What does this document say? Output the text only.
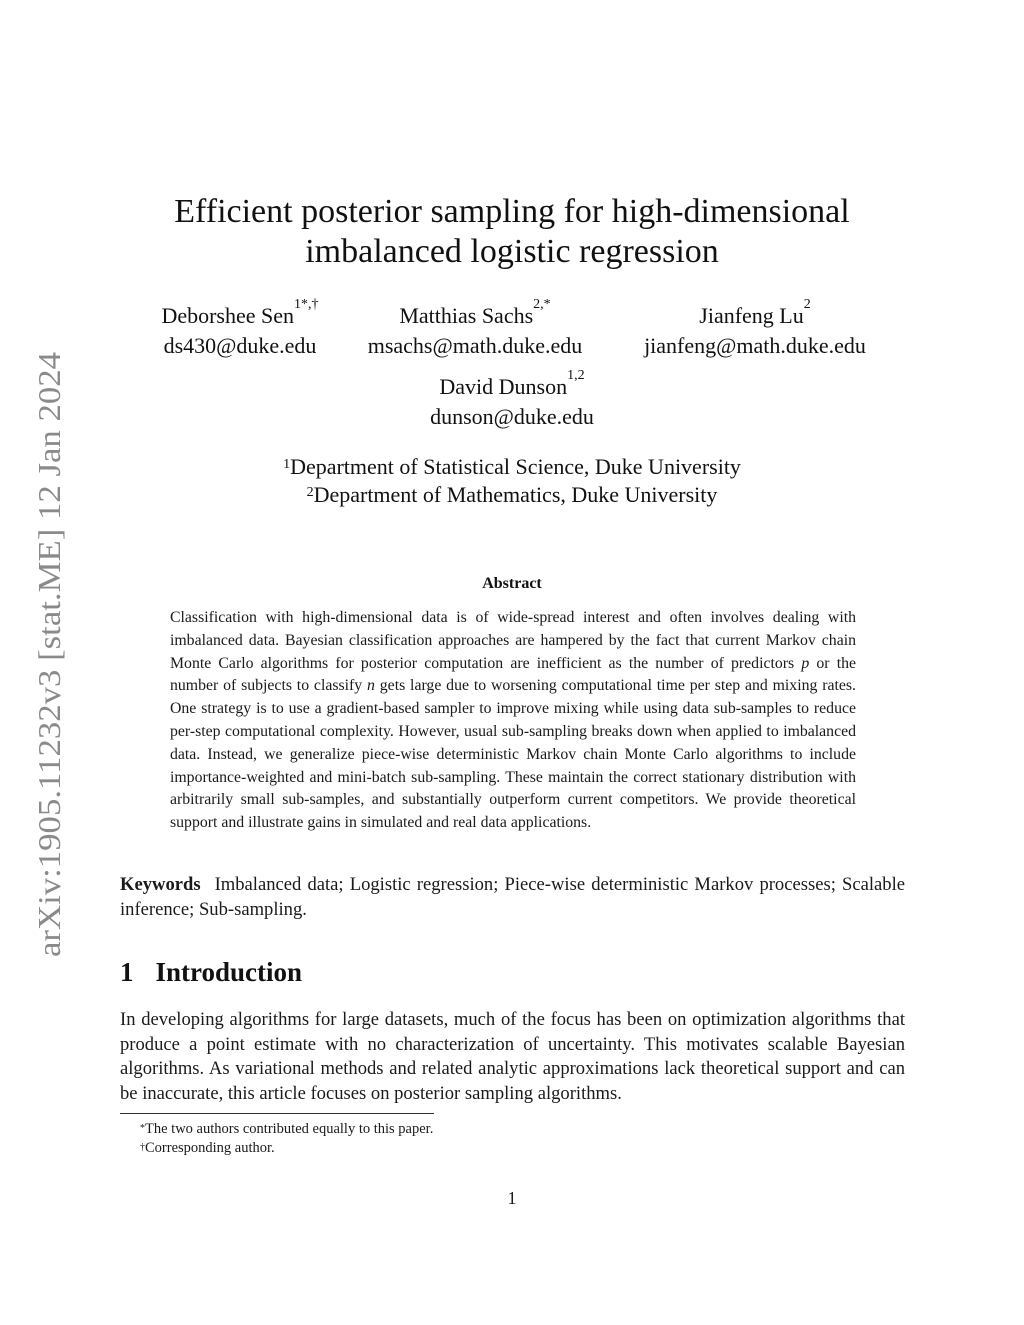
arXiv:1905.11232v3 [stat.ME] 12 Jan 2024
Efficient posterior sampling for high-dimensional
imbalanced logistic regression
Deborshee Sen$^{1*,\dagger}$
ds430@duke.edu
Matthias Sachs$^{2,*}$
msachs@math.duke.edu
Jianfeng Lu$^2$
jianfeng@math.duke.edu
David Dunson$^{1,2}$
dunson@duke.edu
$^1$Department of Statistical Science, Duke University
$^2$Department of Mathematics, Duke University
Abstract

Classification with high-dimensional data is of wide-spread interest and often involves dealing with imbalanced data. Bayesian classification approaches are hampered by the fact that current Markov chain Monte Carlo algorithms for posterior computation are inefficient as the number of predictors p or the number of subjects to classify n gets large due to worsening computational time per step and mixing rates. One strategy is to use a gradient-based sampler to improve mixing while using data sub-samples to reduce per-step computational complexity. However, usual sub-sampling breaks down when applied to imbalanced data. Instead, we generalize piece-wise deterministic Markov chain Monte Carlo algorithms to include importance-weighted and mini-batch sub-sampling. These maintain the correct stationary distribution with arbitrarily small sub-samples, and substantially outperform current competitors. We provide theoretical support and illustrate gains in simulated and real data applications.

Keywords Imbalanced data; Logistic regression; Piece-wise deterministic Markov processes; Scalable inference; Sub-sampling.

1 Introduction

In developing algorithms for large datasets, much of the focus has been on optimization algorithms that produce a point estimate with no characterization of uncertainty. This motivates scalable Bayesian algorithms. As variational methods and related analytic approximations lack theoretical support and can be inaccurate, this article focuses on posterior sampling algorithms.

*The two authors contributed equally to this paper.
†Corresponding author.
1
